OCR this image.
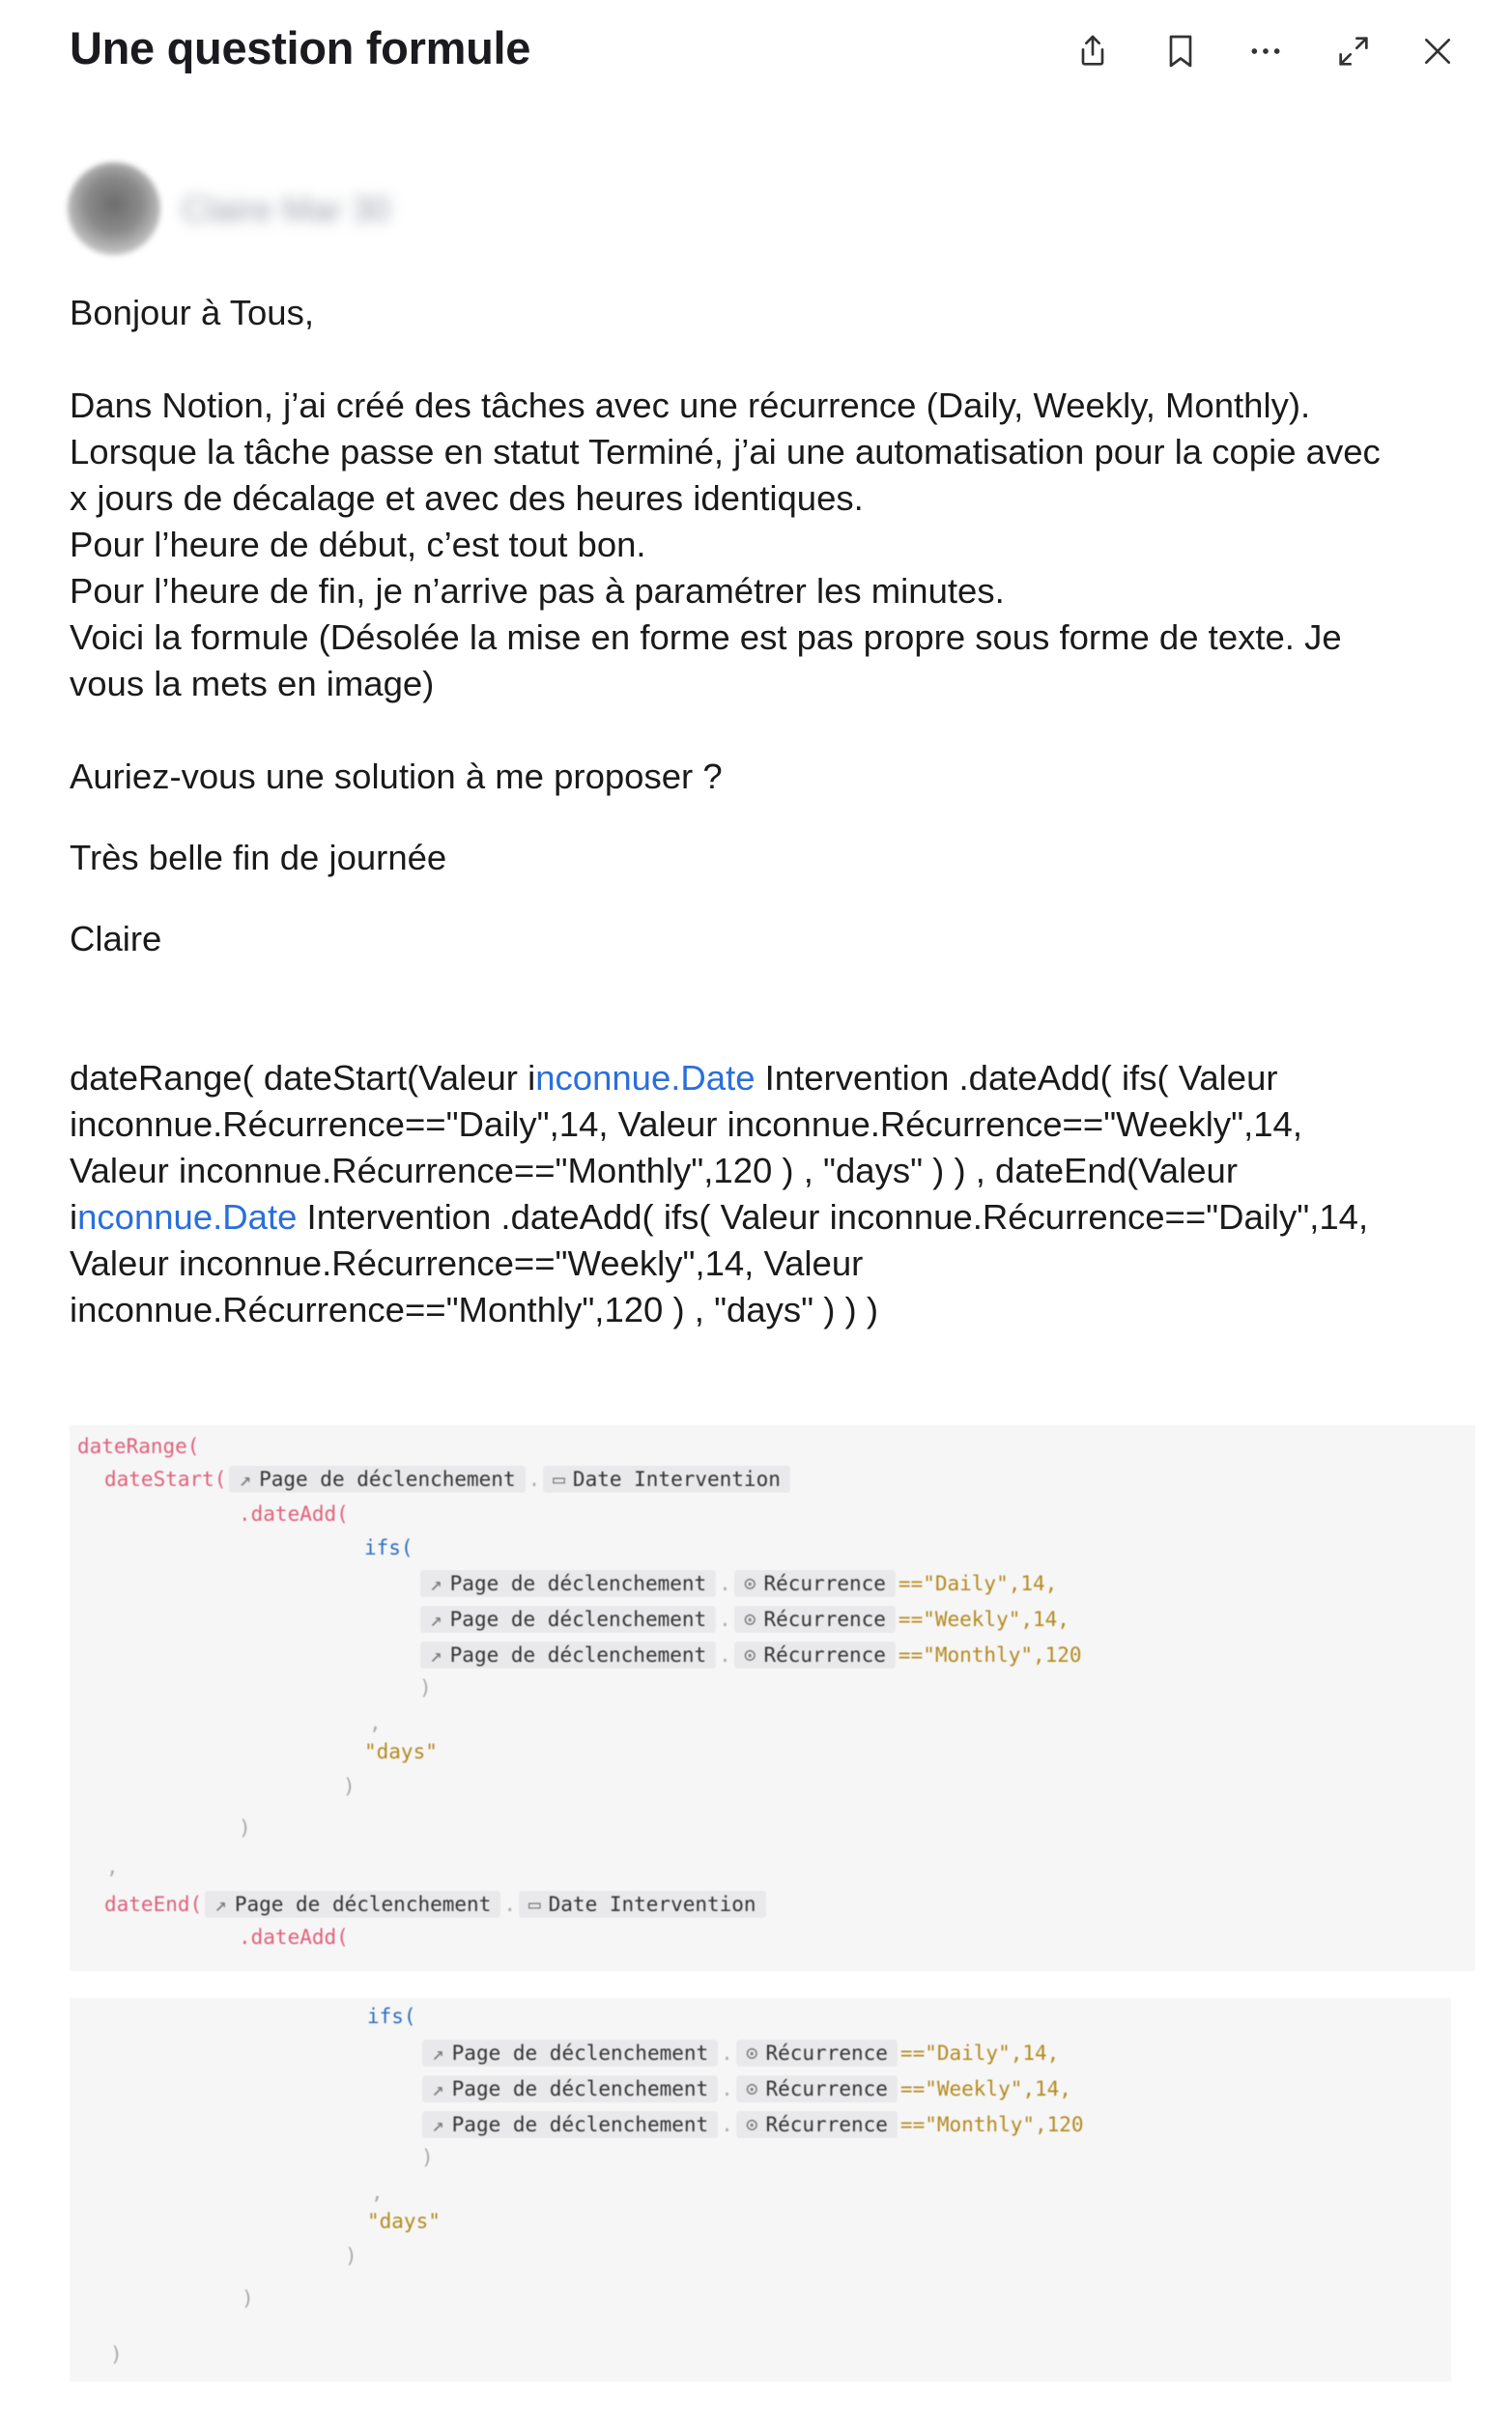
Une question formule
Claire Mar 30

Bonjour à Tous,

Dans Notion, j’ai créé des tâches avec une récurrence (Daily, Weekly, Monthly).
Lorsque la tâche passe en statut Terminé, j’ai une automatisation pour la copie avec
x jours de décalage et avec des heures identiques.
Pour l’heure de début, c’est tout bon.
Pour l’heure de fin, je n’arrive pas à paramétrer les minutes.
Voici la formule (Désolée la mise en forme est pas propre sous forme de texte. Je
vous la mets en image)

Auriez-vous une solution à me proposer ?

Très belle fin de journée

Claire

dateRange( dateStart(Valeur inconnue.Date Intervention .dateAdd( ifs( Valeur

inconnue.Récurrence=="Daily",14, Valeur inconnue.Récurrence=="Weekly",14,

Valeur inconnue.Récurrence=="Monthly",120 ) , "days" ) ) , dateEnd(Valeur

inconnue.Date Intervention .dateAdd( ifs( Valeur inconnue.Récurrence=="Daily",14,

Valeur inconnue.Récurrence=="Weekly",14, Valeur

inconnue.Récurrence=="Monthly",120 ) , "days" ) ) )

dateRange(
dateStart( ↗ Page de déclenchement . ▭ Date Intervention
.dateAdd(
ifs(
↗ Page de déclenchement . ⊙ Récurrence =="Daily",14,
↗ Page de déclenchement . ⊙ Récurrence =="Weekly",14,
↗ Page de déclenchement . ⊙ Récurrence =="Monthly",120
)
,
"days"
)
)
,
dateEnd( ↗ Page de déclenchement . ▭ Date Intervention
.dateAdd(
ifs(
↗ Page de déclenchement . ⊙ Récurrence =="Daily",14,
↗ Page de déclenchement . ⊙ Récurrence =="Weekly",14,
↗ Page de déclenchement . ⊙ Récurrence =="Monthly",120
)
,
"days"
)
)
)
